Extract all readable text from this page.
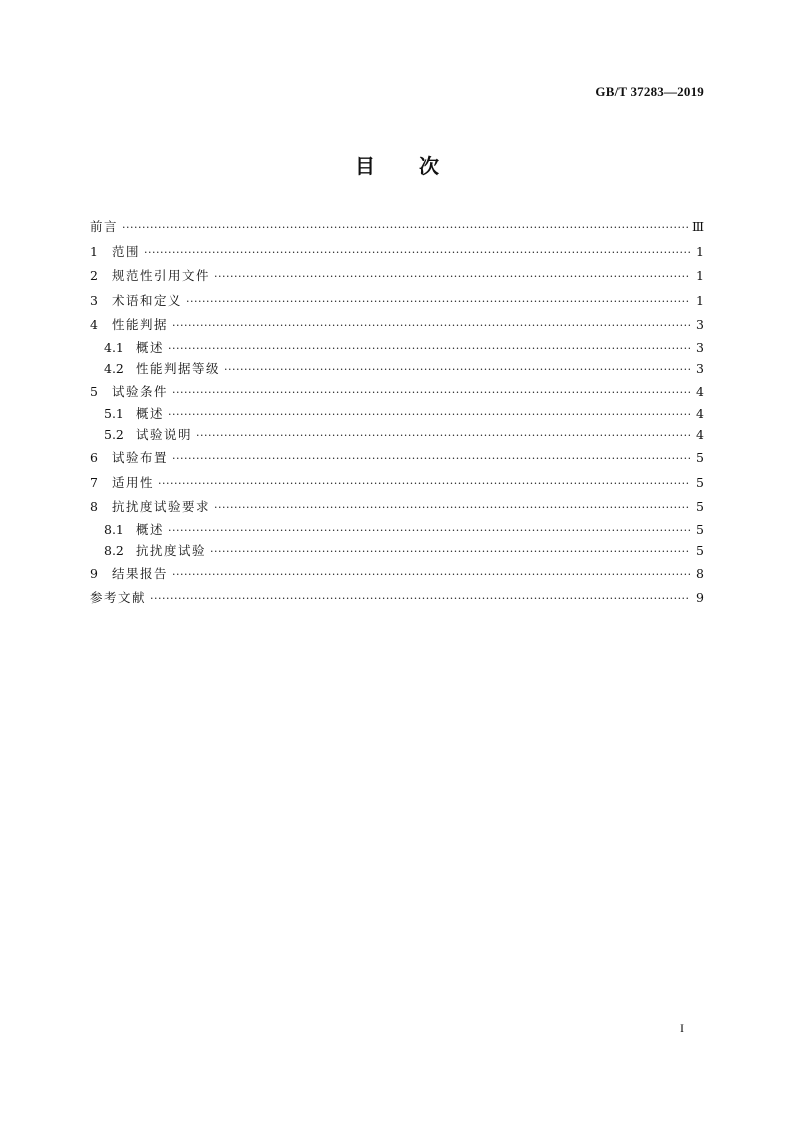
GB/T 37283—2019
目 次
前言 ·····	Ⅲ
1	范围 ·····	1
2	规范性引用文件 ·····	1
3	术语和定义 ·····	1
4	性能判据 ·····	3
4.1 概述 ·····	3
4.2 性能判据等级 ·····	3
5	试验条件 ·····	4
5.1 概述 ·····	4
5.2 试验说明 ·····	4
6	试验布置 ·····	5
7	适用性 ·····	5
8	抗扰度试验要求 ·····	5
8.1 概述 ·····	5
8.2 抗扰度试验 ·····	5
9	结果报告 ·····	8
参考文献 ·····	9
I
